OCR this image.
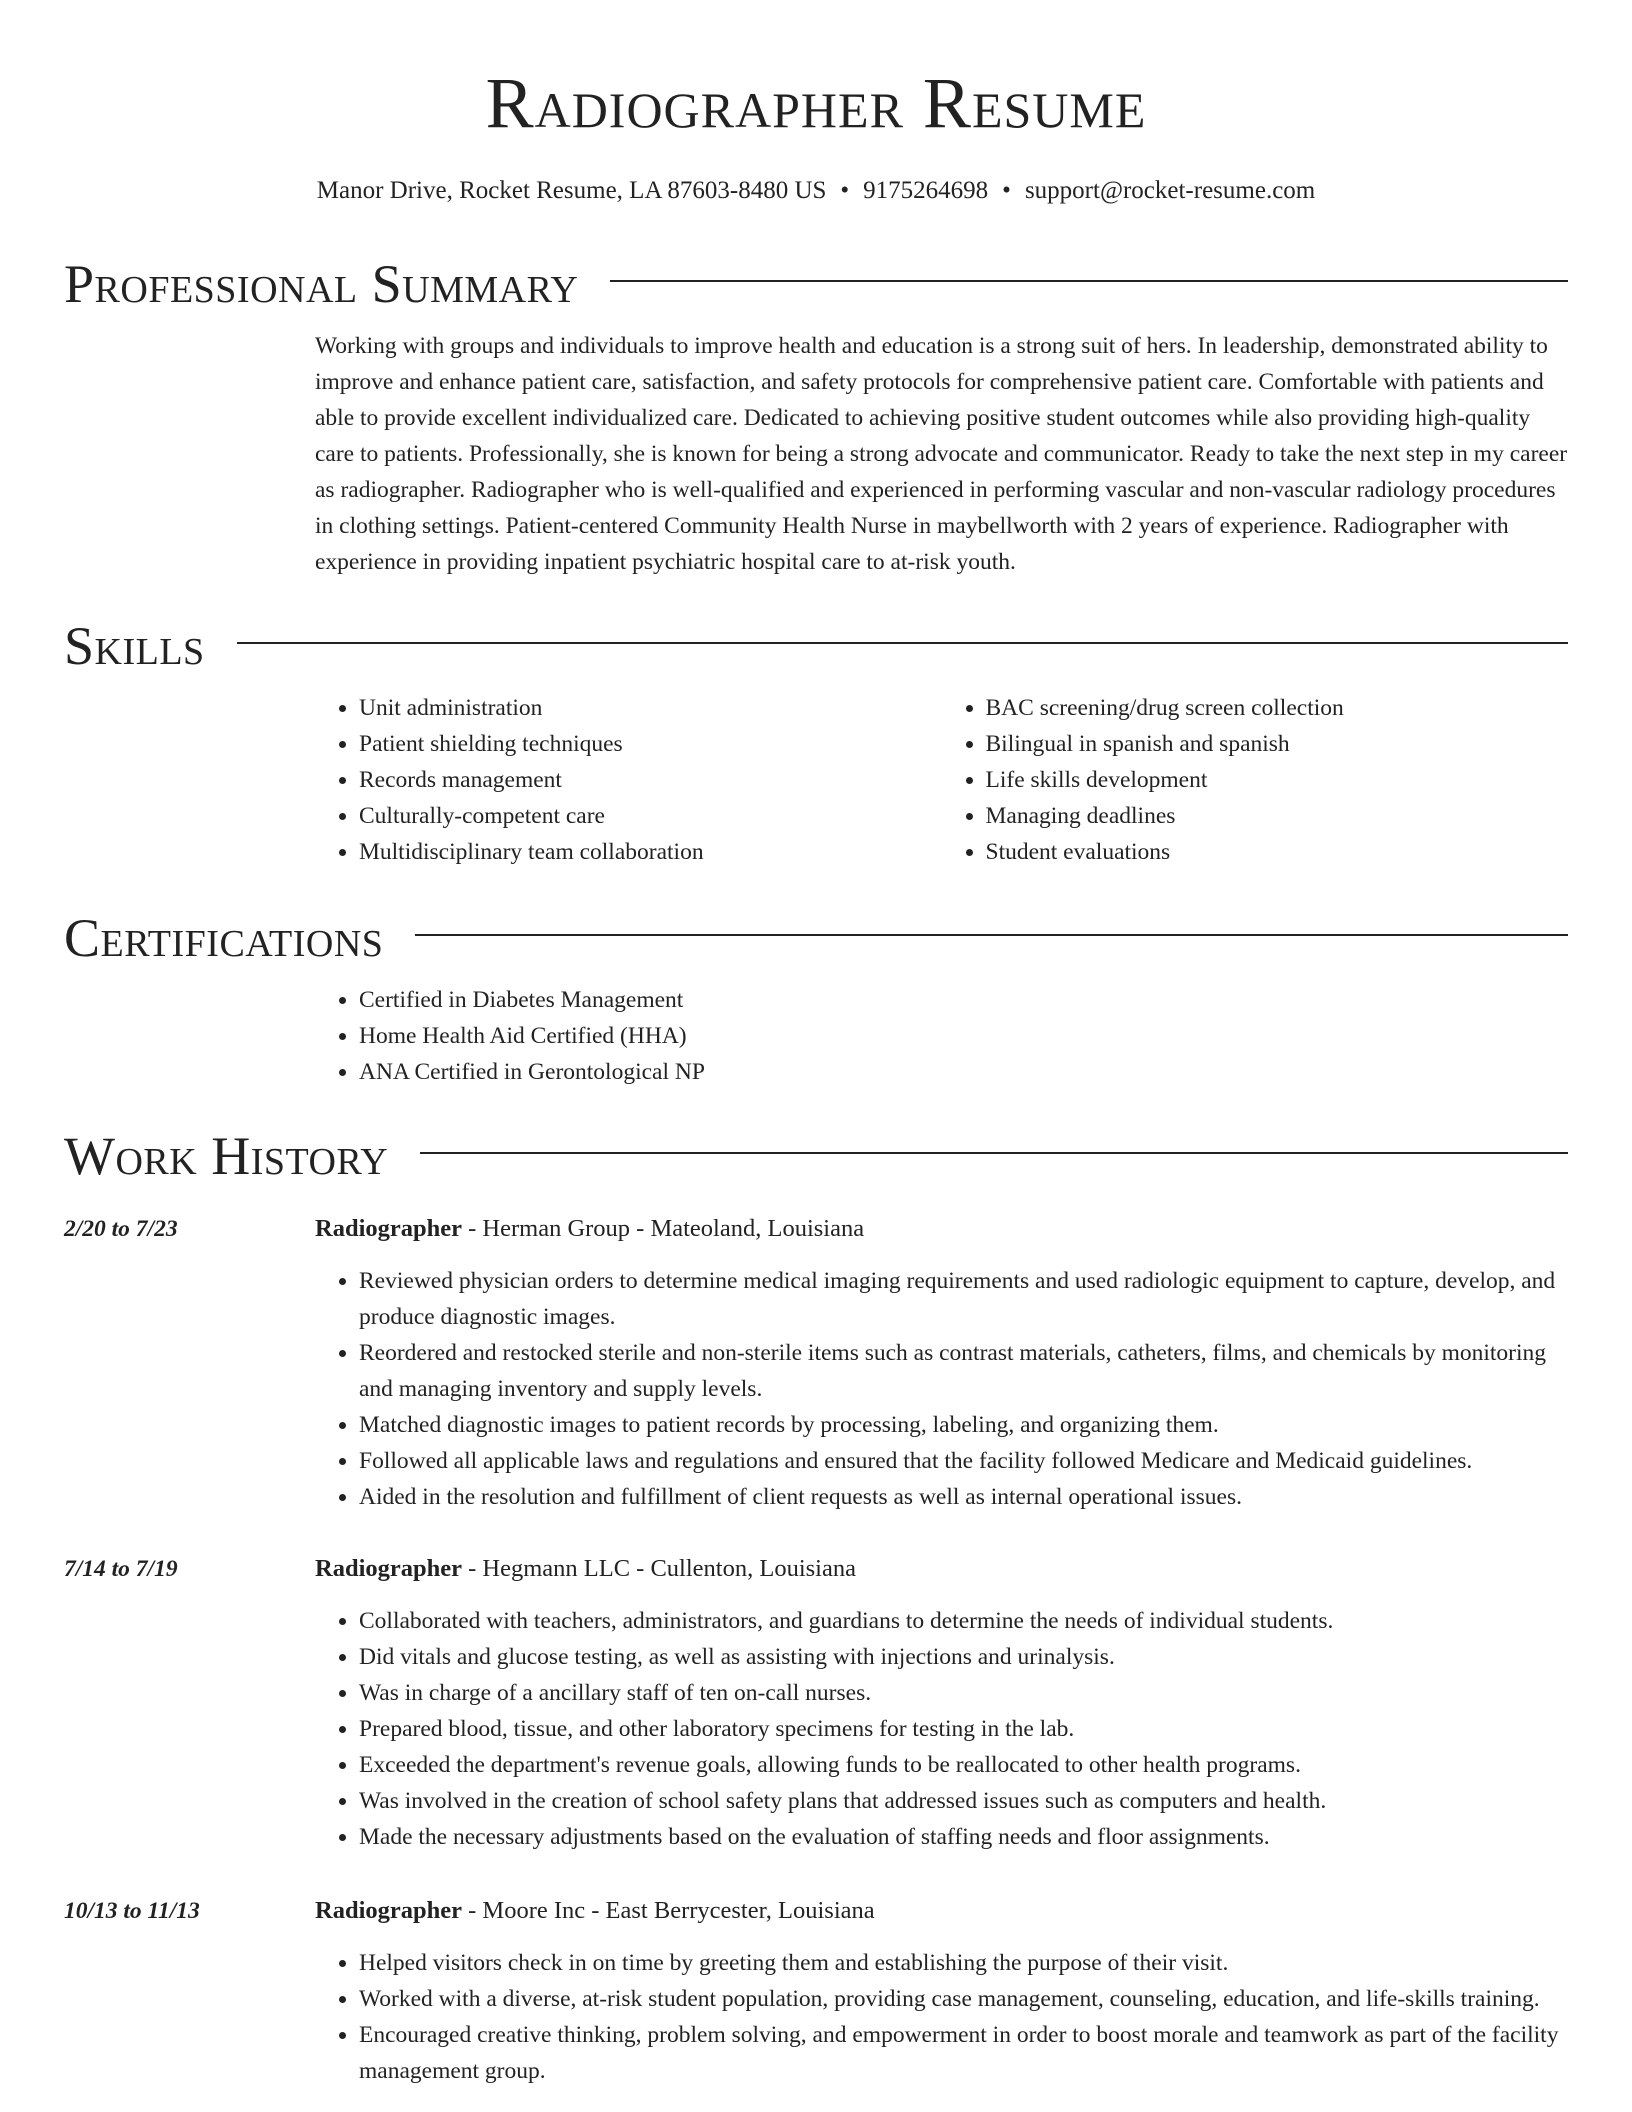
Radiographer Resume
Manor Drive, Rocket Resume, LA 87603-8480 US • 9175264698 • support@rocket-resume.com
Professional Summary

Working with groups and individuals to improve health and education is a strong suit of hers. In leadership, demonstrated ability to improve and enhance patient care, satisfaction, and safety protocols for comprehensive patient care. Comfortable with patients and able to provide excellent individualized care. Dedicated to achieving positive student outcomes while also providing high-quality care to patients. Professionally, she is known for being a strong advocate and communicator. Ready to take the next step in my career as radiographer. Radiographer who is well-qualified and experienced in performing vascular and non-vascular radiology procedures in clothing settings. Patient-centered Community Health Nurse in maybellworth with 2 years of experience. Radiographer with experience in providing inpatient psychiatric hospital care to at-risk youth.

Skills
• Unit administration
• Patient shielding techniques
• Records management
• Culturally-competent care
• Multidisciplinary team collaboration
• BAC screening/drug screen collection
• Bilingual in spanish and spanish
• Life skills development
• Managing deadlines
• Student evaluations
Certifications
• Certified in Diabetes Management
• Home Health Aid Certified (HHA)
• ANA Certified in Gerontological NP
Work History
2/20 to 7/23	Radiographer - Herman Group - Mateoland, Louisiana
• Reviewed physician orders to determine medical imaging requirements and used radiologic equipment to capture, develop, and produce diagnostic images.
• Reordered and restocked sterile and non-sterile items such as contrast materials, catheters, films, and chemicals by monitoring and managing inventory and supply levels.
• Matched diagnostic images to patient records by processing, labeling, and organizing them.
• Followed all applicable laws and regulations and ensured that the facility followed Medicare and Medicaid guidelines.
• Aided in the resolution and fulfillment of client requests as well as internal operational issues.
7/14 to 7/19	Radiographer - Hegmann LLC - Cullenton, Louisiana
• Collaborated with teachers, administrators, and guardians to determine the needs of individual students.
• Did vitals and glucose testing, as well as assisting with injections and urinalysis.
• Was in charge of a ancillary staff of ten on-call nurses.
• Prepared blood, tissue, and other laboratory specimens for testing in the lab.
• Exceeded the department's revenue goals, allowing funds to be reallocated to other health programs.
• Was involved in the creation of school safety plans that addressed issues such as computers and health.
• Made the necessary adjustments based on the evaluation of staffing needs and floor assignments.
10/13 to 11/13	Radiographer - Moore Inc - East Berrycester, Louisiana
• Helped visitors check in on time by greeting them and establishing the purpose of their visit.
• Worked with a diverse, at-risk student population, providing case management, counseling, education, and life-skills training.
• Encouraged creative thinking, problem solving, and empowerment in order to boost morale and teamwork as part of the facility management group.
